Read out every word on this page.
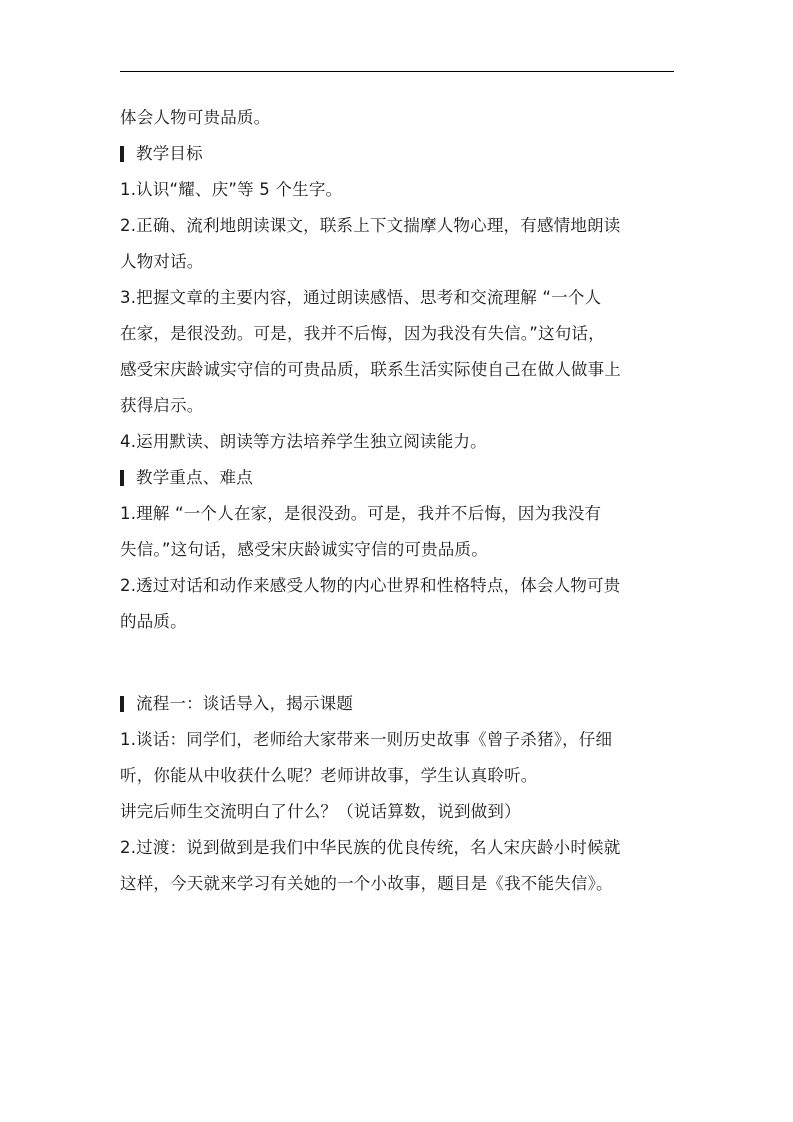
体会人物可贵品质。
教学目标
1.认识“耀、庆”等 5 个生字。
2.正确、流利地朗读课文，联系上下文揣摩人物心理，有感情地朗读
人物对话。
3.把握文章的主要内容，通过朗读感悟、思考和交流理解 “一个人
在家，是很没劲。可是，我并不后悔，因为我没有失信。”这句话，
感受宋庆龄诚实守信的可贵品质，联系生活实际使自己在做人做事上
获得启示。
4.运用默读、朗读等方法培养学生独立阅读能力。
教学重点、难点
1.理解 “一个人在家，是很没劲。可是，我并不后悔，因为我没有
失信。”这句话，感受宋庆龄诚实守信的可贵品质。
2.透过对话和动作来感受人物的内心世界和性格特点，体会人物可贵
的品质。
流程一：谈话导入，揭示课题
1.谈话：同学们，老师给大家带来一则历史故事《曾子杀猪》，仔细
听，你能从中收获什么呢？老师讲故事，学生认真聆听。
讲完后师生交流明白了什么？（说话算数，说到做到）
2.过渡：说到做到是我们中华民族的优良传统，名人宋庆龄小时候就
这样，今天就来学习有关她的一个小故事，题目是《我不能失信》。
